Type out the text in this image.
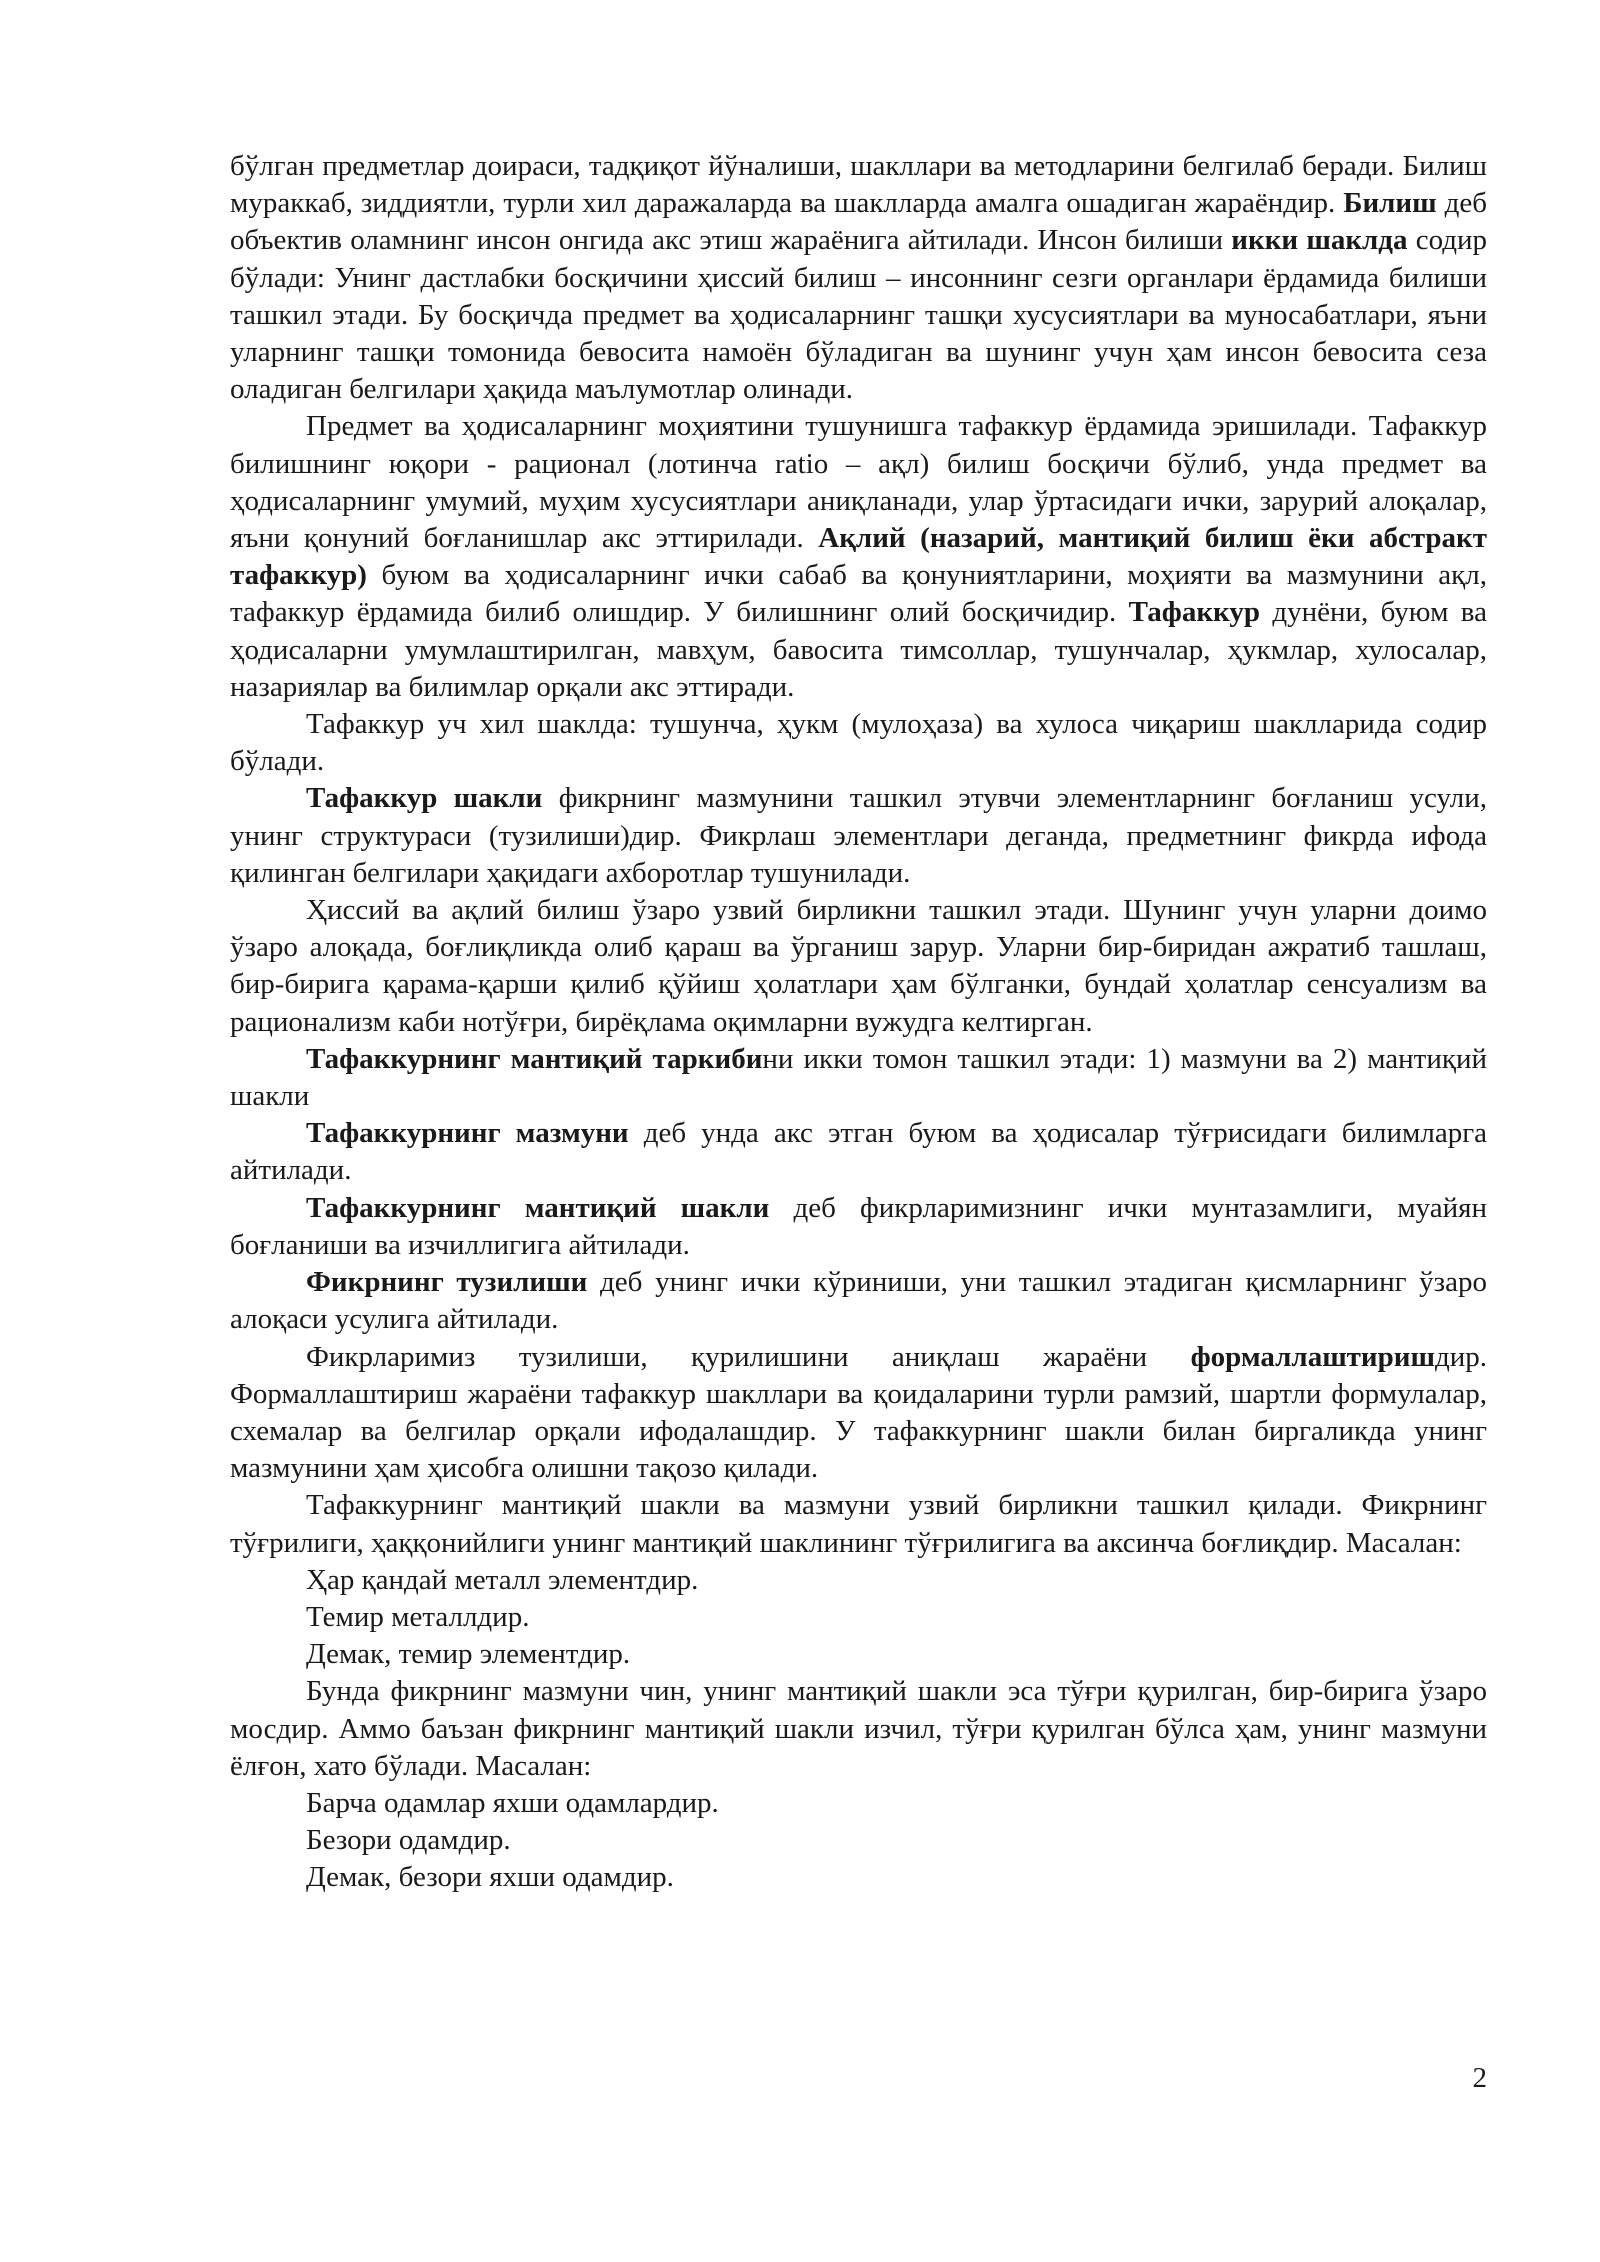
бўлган предметлар доираси, тадқиқот йўналиши, шакллари ва методларини белгилаб беради. Билиш мураккаб, зиддиятли, турли хил даражаларда ва шаклларда амалга ошадиган жараёндир. Билиш деб объектив оламнинг инсон онгида акс этиш жараёнига айтилади. Инсон билиши икки шаклда содир бўлади: Унинг дастлабки босқичини ҳиссий билиш – инсоннинг сезги органлари ёрдамида билиши ташкил этади. Бу босқичда предмет ва ҳодисаларнинг ташқи хусусиятлари ва муносабатлари, яъни уларнинг ташқи томонида бевосита намоён бўладиган ва шунинг учун ҳам инсон бевосита сеза оладиган белгилари ҳақида маълумотлар олинади.

Предмет ва ҳодисаларнинг моҳиятини тушунишга тафаккур ёрдамида эришилади. Тафаккур билишнинг юқори - рационал (лотинча ratio – ақл) билиш босқичи бўлиб, унда предмет ва ҳодисаларнинг умумий, муҳим хусусиятлари аниқланади, улар ўртасидаги ички, зарурий алоқалар, яъни қонуний боғланишлар акс эттирилади. Ақлий (назарий, мантиқий билиш ёки абстракт тафаккур) буюм ва ҳодисаларнинг ички сабаб ва қонуниятларини, моҳияти ва мазмунини ақл, тафаккур ёрдамида билиб олишдир. У билишнинг олий босқичидир. Тафаккур дунёни, буюм ва ҳодисаларни умумлаштирилган, мавҳум, бавосита тимсоллар, тушунчалар, ҳукмлар, хулосалар, назариялар ва билимлар орқали акс эттиради.

Тафаккур уч хил шаклда: тушунча, ҳукм (мулоҳаза) ва хулоса чиқариш шаклларида содир бўлади.

Тафаккур шакли фикрнинг мазмунини ташкил этувчи элементларнинг боғланиш усули, унинг структураси (тузилиши)дир. Фикрлаш элементлари деганда, предметнинг фикрда ифода қилинган белгилари ҳақидаги ахборотлар тушунилади.

Ҳиссий ва ақлий билиш ўзаро узвий бирликни ташкил этади. Шунинг учун уларни доимо ўзаро алоқада, боғлиқликда олиб қараш ва ўрганиш зарур. Уларни бир-биридан ажратиб ташлаш, бир-бирига қарама-қарши қилиб қўйиш ҳолатлари ҳам бўлганки, бундай ҳолатлар сенсуализм ва рационализм каби нотўғри, бирёқлама оқимларни вужудга келтирган.

Тафаккурнинг мантиқий таркибини икки томон ташкил этади: 1) мазмуни ва 2) мантиқий шакли

Тафаккурнинг мазмуни деб унда акс этган буюм ва ҳодисалар тўғрисидаги билимларга айтилади.

Тафаккурнинг мантиқий шакли деб фикрларимизнинг ички мунтазамлиги, муайян боғланиши ва изчиллигига айтилади.

Фикрнинг тузилиши деб унинг ички кўриниши, уни ташкил этадиган қисмларнинг ўзаро алоқаси усулига айтилади.

Фикрларимиз тузилиши, қурилишини аниқлаш жараёни формаллаштиришдир. Формаллаштириш жараёни тафаккур шакллари ва қоидаларини турли рамзий, шартли формулалар, схемалар ва белгилар орқали ифодалашдир. У тафаккурнинг шакли билан биргаликда унинг мазмунини ҳам ҳисобга олишни тақозо қилади.

Тафаккурнинг мантиқий шакли ва мазмуни узвий бирликни ташкил қилади. Фикрнинг тўғрилиги, ҳаққонийлиги унинг мантиқий шаклининг тўғрилигига ва аксинча боғлиқдир. Масалан:

Ҳар қандай металл элементдир.

Темир металлдир.

Демак, темир элементдир.

Бунда фикрнинг мазмуни чин, унинг мантиқий шакли эса тўғри қурилган, бир-бирига ўзаро мосдир. Аммо баъзан фикрнинг мантиқий шакли изчил, тўғри қурилган бўлса ҳам, унинг мазмуни ёлғон, хато бўлади. Масалан:

Барча одамлар яхши одамлардир.

Безори одамдир.

Демак, безори яхши одамдир.

2
